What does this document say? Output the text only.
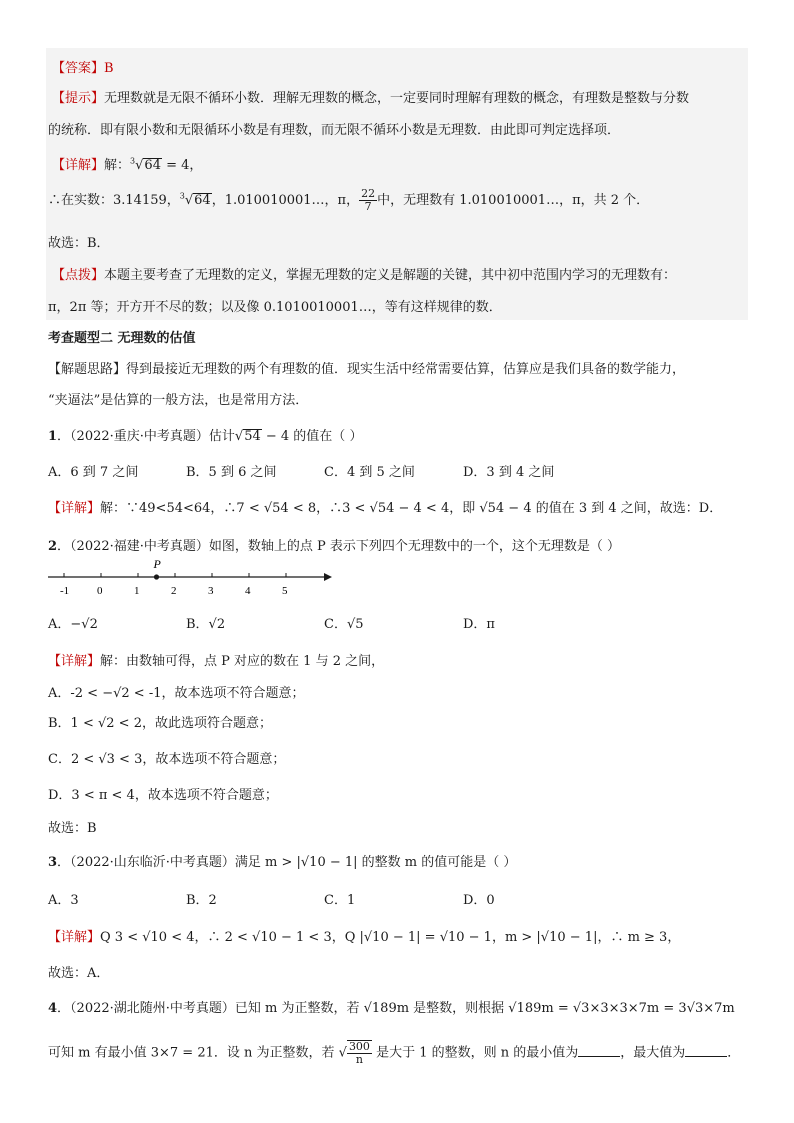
【答案】B
【提示】无理数就是无限不循环小数．理解无理数的概念，一定要同时理解有理数的概念，有理数是整数与分数
的统称．即有限小数和无限循环小数是有理数，而无限不循环小数是无理数．由此即可判定选择项．
【详解】解：$^3$√64 = 4，
∴在实数：3.14159，$^3$√64，1.010010001…，π， $\frac{22}{7}$ 中，无理数有 1.010010001…，π，共 2 个．
故选：B．
【点拨】本题主要考查了无理数的定义，掌握无理数的定义是解题的关键，其中初中范围内学习的无理数有：
π，2π 等；开方开不尽的数；以及像 0.1010010001…，等有这样规律的数．
考查题型二 无理数的估值
【解题思路】得到最接近无理数的两个有理数的值．现实生活中经常需要估算，估算应是我们具备的数学能力，
“夹逼法”是估算的一般方法，也是常用方法．
1．（2022·重庆·中考真题）估计√54 − 4 的值在（ ）
A．6 到 7 之间	B．5 到 6 之间	C．4 到 5 之间	D．3 到 4 之间
【详解】解：∵49<54<64，∴7 < √54 < 8，∴3 < √54 − 4 < 4，即 √54 − 4 的值在 3 到 4 之间，故选：D．
2．（2022·福建·中考真题）如图，数轴上的点 P 表示下列四个无理数中的一个，这个无理数是（ ）
-1	0	1	2	3	4	5
P
A．−√2	B．√2	C．√5	D．π
【详解】解：由数轴可得，点 P 对应的数在 1 与 2 之间，
A．-2 < −√2 < -1，故本选项不符合题意；
B．1 < √2 < 2，故此选项符合题意；
C．2 < √3 < 3，故本选项不符合题意；
D．3 < π < 4，故本选项不符合题意；
故选：B
3．（2022·山东临沂·中考真题）满足 m > |√10 − 1| 的整数 m 的值可能是（ ）
A．3	B．2	C．1	D．0
【详解】Q 3 < √10 < 4，∴ 2 < √10 − 1 < 3，Q |√10 − 1| = √10 − 1，m > |√10 − 1|，∴ m ≥ 3，
故选：A．
4．（2022·湖北随州·中考真题）已知 m 为正整数，若 √189m 是整数，则根据 √189m = √3×3×3×7m = 3√3×7m
可知 m 有最小值 3×7 = 21．设 n 为正整数，若 √ $\frac{300}{n}$ 是大于 1 的整数，则 n 的最小值为	，最大值为	．
